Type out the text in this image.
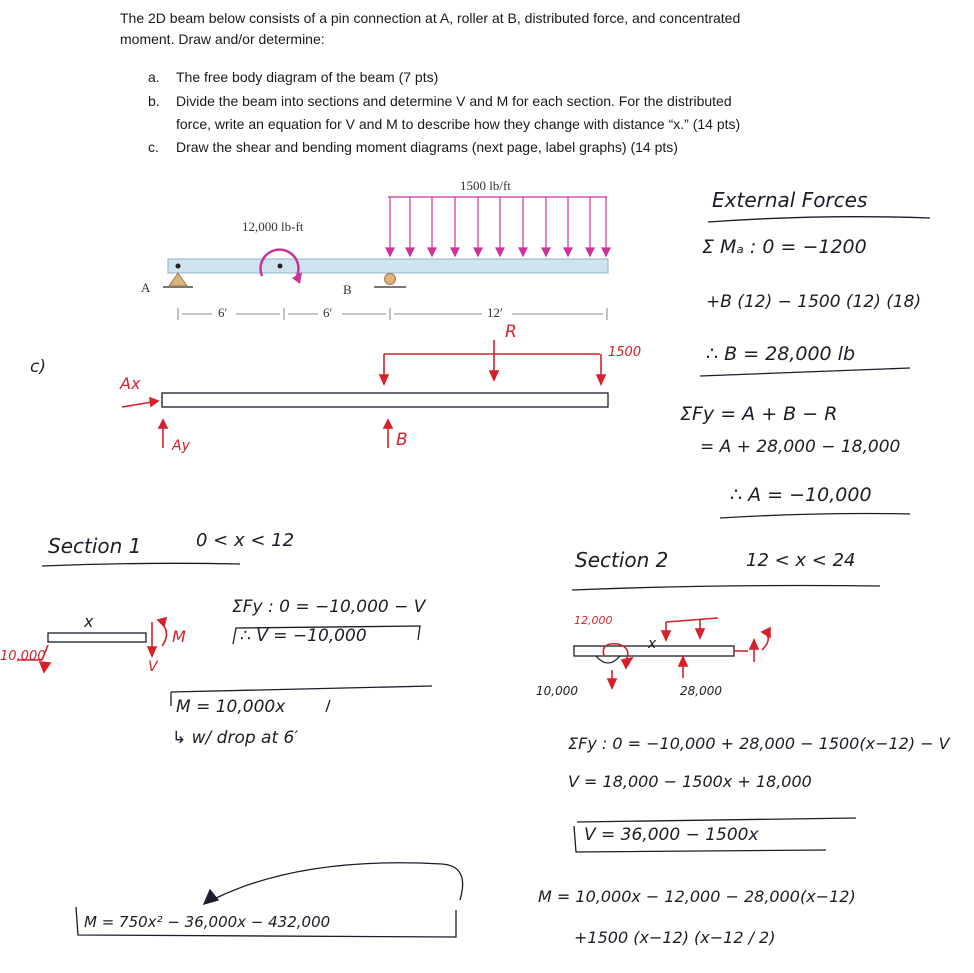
The 2D beam below consists of a pin connection at A, roller at B, distributed force, and concentrated
moment. Draw and/or determine:
a. The free body diagram of the beam (7 pts)
b. Divide the beam into sections and determine V and M for each section. For the distributed
force, write an equation for V and M to describe how they change with distance “x.” (14 pts)
c. Draw the shear and bending moment diagrams (next page, label graphs) (14 pts)
1500 lb/ft
12,000 lb-ft
A	B
6′	6′	12′
c)
Ax
Ay	B
R
1500
External Forces
Σ Mₐ : 0 = −1200
+B (12) − 1500 (12) (18)
∴ B = 28,000 lb
ΣFy = A + B − R
= A + 28,000 − 18,000
∴ A = −10,000
Section 1	0 < x < 12
x
M
V
10,000
ΣFy : 0 = −10,000 − V
∴ V = −10,000
M = 10,000x
↳ w/ drop at 6′
M = 750x² − 36,000x − 432,000
Section 2	12 < x < 24
12,000
x
10,000	28,000
ΣFy : 0 = −10,000 + 28,000 − 1500(x−12) − V
V = 18,000 − 1500x + 18,000
V = 36,000 − 1500x
M = 10,000x − 12,000 − 28,000(x−12)
+1500 (x−12) (x−12 / 2)
